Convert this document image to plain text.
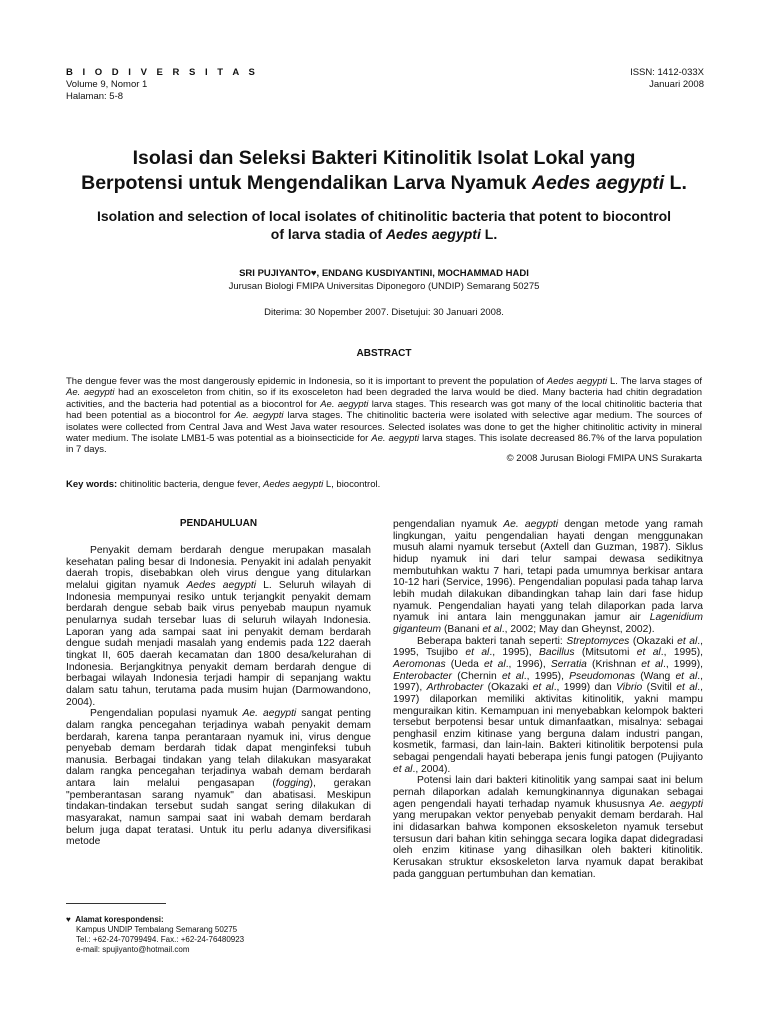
B I O D I V E R S I T A S
Volume 9, Nomor 1
Halaman: 5-8
ISSN: 1412-033X
Januari 2008
Isolasi dan Seleksi Bakteri Kitinolitik Isolat Lokal yang
Berpotensi untuk Mengendalikan Larva Nyamuk Aedes aegypti L.
Isolation and selection of local isolates of chitinolitic bacteria that potent to biocontrol
of larva stadia of Aedes aegypti L.
SRI PUJIYANTO♥, ENDANG KUSDIYANTINI, MOCHAMMAD HADI
Jurusan Biologi FMIPA Universitas Diponegoro (UNDIP) Semarang 50275
Diterima: 30 Nopember 2007. Disetujui: 30 Januari 2008.
ABSTRACT
The dengue fever was the most dangerously epidemic in Indonesia, so it is important to prevent the population of Aedes aegypti L. The larva stages of Ae. aegypti had an exosceleton from chitin, so if its exosceleton had been degraded the larva would be died. Many bacteria had chitin degradation activities, and the bacteria had potential as a biocontrol for Ae. aegypti larva stages. This research was got many of the local chitinolitic bacteria that had been potential as a biocontrol for Ae. aegypti larva stages. The chitinolitic bacteria were isolated with selective agar medium. The sources of isolates were collected from Central Java and West Java water resources. Selected isolates was done to get the higher chitinolitic activity in mineral water medium. The isolate LMB1-5 was potential as a bioinsecticide for Ae. aegypti larva stages. This isolate decreased 86.7% of the larva population in 7 days.
© 2008 Jurusan Biologi FMIPA UNS Surakarta
Key words: chitinolitic bacteria, dengue fever, Aedes aegypti L, biocontrol.
PENDAHULUAN

Penyakit demam berdarah dengue merupakan masalah kesehatan paling besar di Indonesia. Penyakit ini adalah penyakit daerah tropis, disebabkan oleh virus dengue yang ditularkan melalui gigitan nyamuk Aedes aegypti L. Seluruh wilayah di Indonesia mempunyai resiko untuk terjangkit penyakit demam berdarah dengue sebab baik virus penyebab maupun nyamuk penularnya sudah tersebar luas di seluruh wilayah Indonesia. Laporan yang ada sampai saat ini penyakit demam berdarah dengue sudah menjadi masalah yang endemis pada 122 daerah tingkat II, 605 daerah kecamatan dan 1800 desa/kelurahan di Indonesia. Berjangkitnya penyakit demam berdarah dengue di berbagai wilayah Indonesia terjadi hampir di sepanjang waktu dalam satu tahun, terutama pada musim hujan (Darmowandono, 2004).

Pengendalian populasi nyamuk Ae. aegypti sangat penting dalam rangka pencegahan terjadinya wabah penyakit demam berdarah, karena tanpa perantaraan nyamuk ini, virus dengue penyebab demam berdarah tidak dapat menginfeksi tubuh manusia. Berbagai tindakan yang telah dilakukan masyarakat dalam rangka pencegahan terjadinya wabah demam berdarah antara lain melalui pengasapan (fogging), gerakan "pemberantasan sarang nyamuk" dan abatisasi. Meskipun tindakan-tindakan tersebut sudah sangat sering dilakukan di masyarakat, namun sampai saat ini wabah demam berdarah belum juga dapat teratasi. Untuk itu perlu adanya diversifikasi metode

pengendalian nyamuk Ae. aegypti dengan metode yang ramah lingkungan, yaitu pengendalian hayati dengan menggunakan musuh alami nyamuk tersebut (Axtell dan Guzman, 1987). Siklus hidup nyamuk ini dari telur sampai dewasa sedikitnya membutuhkan waktu 7 hari, tetapi pada umumnya berkisar antara 10-12 hari (Service, 1996). Pengendalian populasi pada tahap larva lebih mudah dilakukan dibandingkan tahap lain dari fase hidup nyamuk. Pengendalian hayati yang telah dilaporkan pada larva nyamuk ini antara lain menggunakan jamur air Lagenidium giganteum (Banani et al., 2002; May dan Gheynst, 2002).

Beberapa bakteri tanah seperti: Streptomyces (Okazaki et al., 1995, Tsujibo et al., 1995), Bacillus (Mitsutomi et al., 1995), Aeromonas (Ueda et al., 1996), Serratia (Krishnan et al., 1999), Enterobacter (Chernin et al., 1995), Pseudomonas (Wang et al., 1997), Arthrobacter (Okazaki et al., 1999) dan Vibrio (Svitil et al., 1997) dilaporkan memiliki aktivitas kitinolitik, yakni mampu menguraikan kitin. Kemampuan ini menyebabkan kelompok bakteri tersebut berpotensi besar untuk dimanfaatkan, misalnya: sebagai penghasil enzim kitinase yang berguna dalam industri pangan, kosmetik, farmasi, dan lain-lain. Bakteri kitinolitik berpotensi pula sebagai pengendali hayati beberapa jenis fungi patogen (Pujiyanto et al., 2004).

Potensi lain dari bakteri kitinolitik yang sampai saat ini belum pernah dilaporkan adalah kemungkinannya digunakan sebagai agen pengendali hayati terhadap nyamuk khususnya Ae. aegypti yang merupakan vektor penyebab penyakit demam berdarah. Hal ini didasarkan bahwa komponen eksoskeleton nyamuk tersebut tersusun dari bahan kitin sehingga secara logika dapat didegradasi oleh enzim kitinase yang dihasilkan oleh bakteri kitinolitik. Kerusakan struktur eksoskeleton larva nyamuk dapat berakibat pada gangguan pertumbuhan dan kematian.

♥ Alamat korespondensi:
Kampus UNDIP Tembalang Semarang 50275
Tel.: +62-24-70799494. Fax.: +62-24-76480923
e-mail: spujiyanto@hotmail.com
